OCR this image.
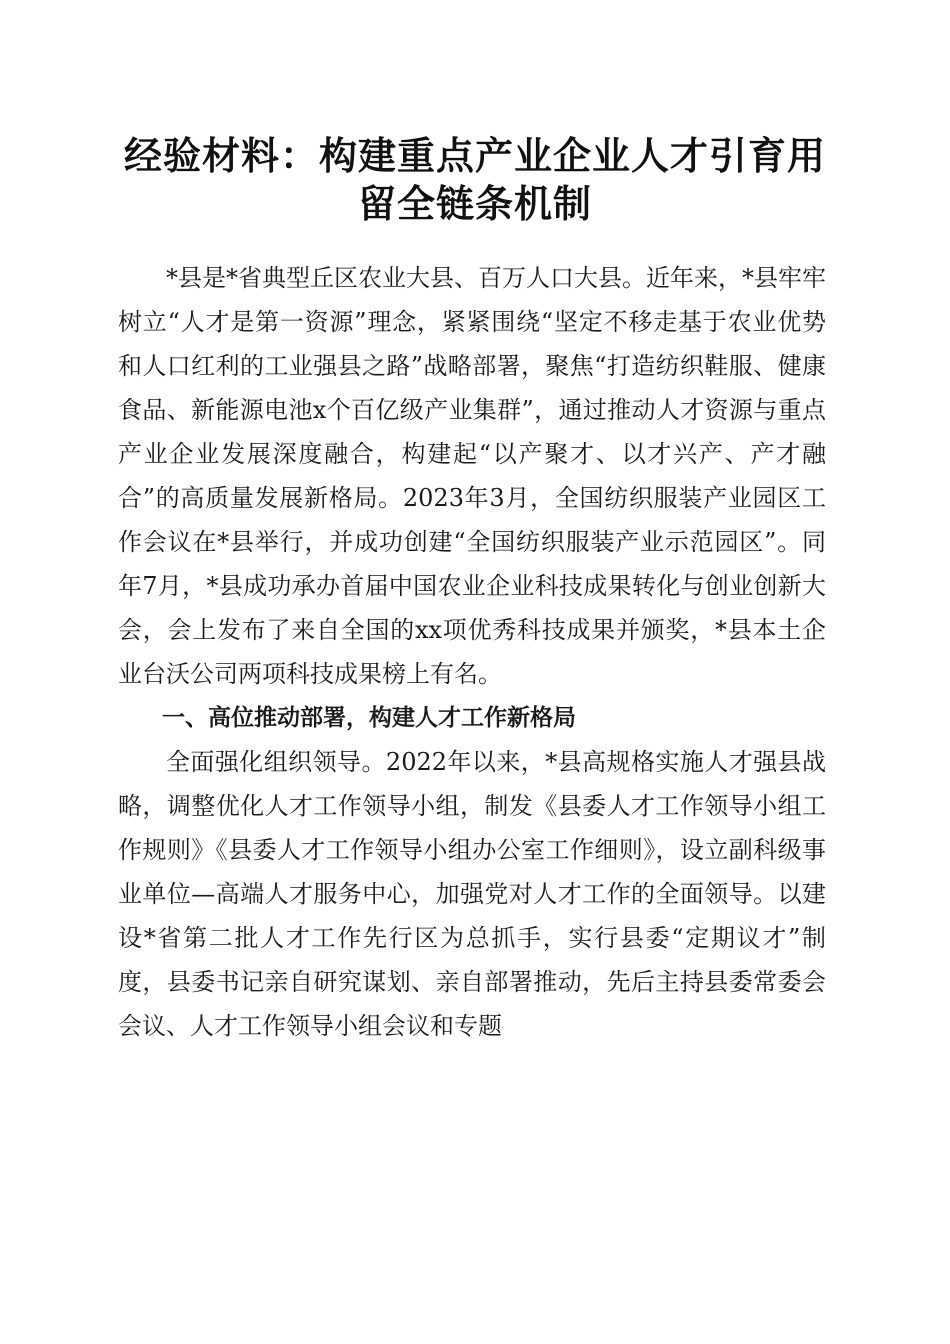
经验材料：构建重点产业企业人才引育用留全链条机制

*县是*省典型丘区农业大县、百万人口大县。近年来，*县牢牢树立“人才是第一资源”理念，紧紧围绕“坚定不移走基于农业优势和人口红利的工业强县之路”战略部署，聚焦“打造纺织鞋服、健康食品、新能源电池x个百亿级产业集群”，通过推动人才资源与重点产业企业发展深度融合，构建起“以产聚才、以才兴产、产才融合”的高质量发展新格局。2023年3月，全国纺织服装产业园区工作会议在*县举行，并成功创建“全国纺织服装产业示范园区”。同年7月，*县成功承办首届中国农业企业科技成果转化与创业创新大会，会上发布了来自全国的xx项优秀科技成果并颁奖，*县本土企业台沃公司两项科技成果榜上有名。

一、高位推动部署，构建人才工作新格局

全面强化组织领导。2022年以来，*县高规格实施人才强县战略，调整优化人才工作领导小组，制发《县委人才工作领导小组工作规则》《县委人才工作领导小组办公室工作细则》，设立副科级事业单位—高端人才服务中心，加强党对人才工作的全面领导。以建设*省第二批人才工作先行区为总抓手，实行县委“定期议才”制度，县委书记亲自研究谋划、亲自部署推动，先后主持县委常委会会议、人才工作领导小组会议和专题
